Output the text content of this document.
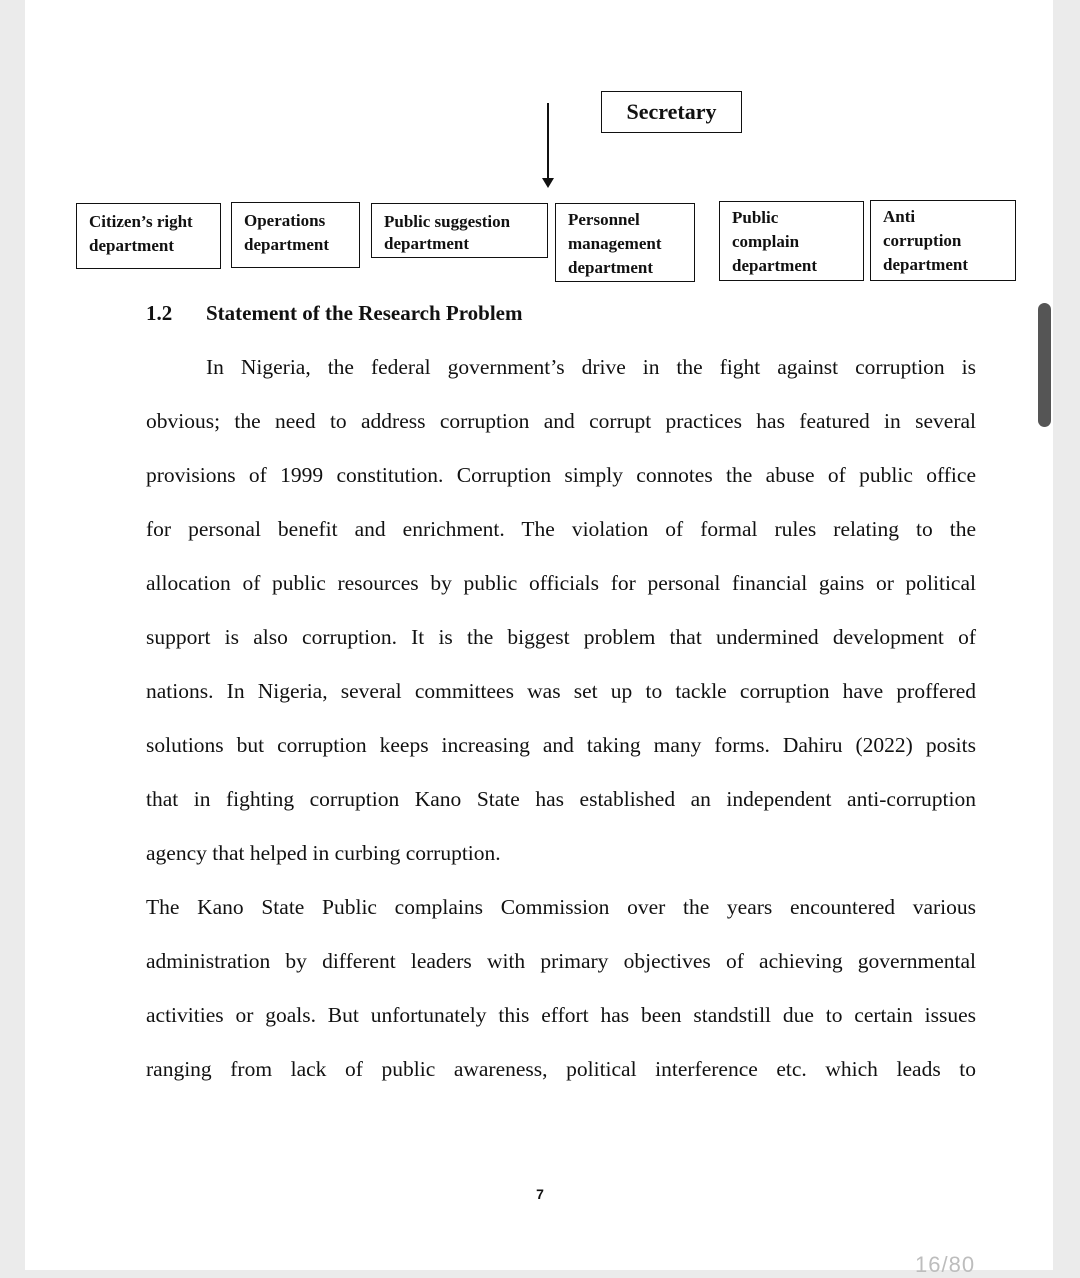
Secretary
Citizen’s right
department
Operations
department
Public suggestion
department
Personnel
management
department
Public
complain
department
Anti
corruption
department
1.2 Statement of the Research Problem
In Nigeria, the federal government’s drive in the fight against corruption is
obvious; the need to address corruption and corrupt practices has featured in several
provisions of 1999 constitution. Corruption simply connotes the abuse of public office
for personal benefit and enrichment. The violation of formal rules relating to the
allocation of public resources by public officials for personal financial gains or political
support is also corruption. It is the biggest problem that undermined development of
nations. In Nigeria, several committees was set up to tackle corruption have proffered
solutions but corruption keeps increasing and taking many forms. Dahiru (2022) posits
that in fighting corruption Kano State has established an independent anti-corruption
agency that helped in curbing corruption.
The Kano State Public complains Commission over the years encountered various
administration by different leaders with primary objectives of achieving governmental
activities or goals. But unfortunately this effort has been standstill due to certain issues
ranging from lack of public awareness, political interference etc. which leads to
7
16/80
